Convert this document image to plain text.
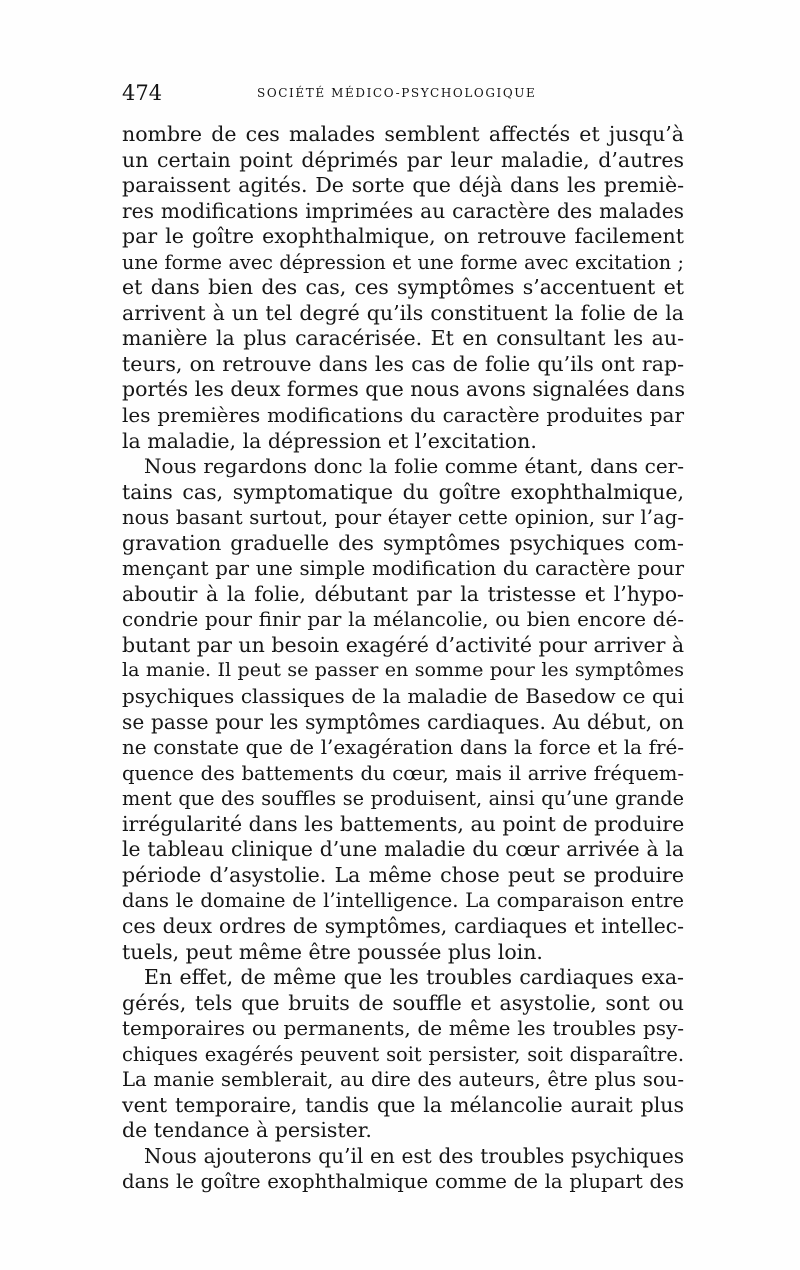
474	SOCIÉTÉ MÉDICO-PSYCHOLOGIQUE
nombre de ces malades semblent affectés et jusqu’à
un certain point déprimés par leur maladie, d’autres
paraissent agités. De sorte que déjà dans les premiè-
res modifications imprimées au caractère des malades
par le goître exophthalmique, on retrouve facilement
une forme avec dépression et une forme avec excitation ;
et dans bien des cas, ces symptômes s’accentuent et
arrivent à un tel degré qu’ils constituent la folie de la
manière la plus caracérisée. Et en consultant les au-
teurs, on retrouve dans les cas de folie qu’ils ont rap-
portés les deux formes que nous avons signalées dans
les premières modifications du caractère produites par
la maladie, la dépression et l’excitation.
Nous regardons donc la folie comme étant, dans cer-
tains cas, symptomatique du goître exophthalmique,
nous basant surtout, pour étayer cette opinion, sur l’ag-
gravation graduelle des symptômes psychiques com-
mençant par une simple modification du caractère pour
aboutir à la folie, débutant par la tristesse et l’hypo-
condrie pour finir par la mélancolie, ou bien encore dé-
butant par un besoin exagéré d’activité pour arriver à
la manie. Il peut se passer en somme pour les symptômes
psychiques classiques de la maladie de Basedow ce qui
se passe pour les symptômes cardiaques. Au début, on
ne constate que de l’exagération dans la force et la fré-
quence des battements du cœur, mais il arrive fréquem-
ment que des souffles se produisent, ainsi qu’une grande
irrégularité dans les battements, au point de produire
le tableau clinique d’une maladie du cœur arrivée à la
période d’asystolie. La même chose peut se produire
dans le domaine de l’intelligence. La comparaison entre
ces deux ordres de symptômes, cardiaques et intellec-
tuels, peut même être poussée plus loin.
En effet, de même que les troubles cardiaques exa-
gérés, tels que bruits de souffle et asystolie, sont ou
temporaires ou permanents, de même les troubles psy-
chiques exagérés peuvent soit persister, soit disparaître.
La manie semblerait, au dire des auteurs, être plus sou-
vent temporaire, tandis que la mélancolie aurait plus
de tendance à persister.
Nous ajouterons qu’il en est des troubles psychiques
dans le goître exophthalmique comme de la plupart des
